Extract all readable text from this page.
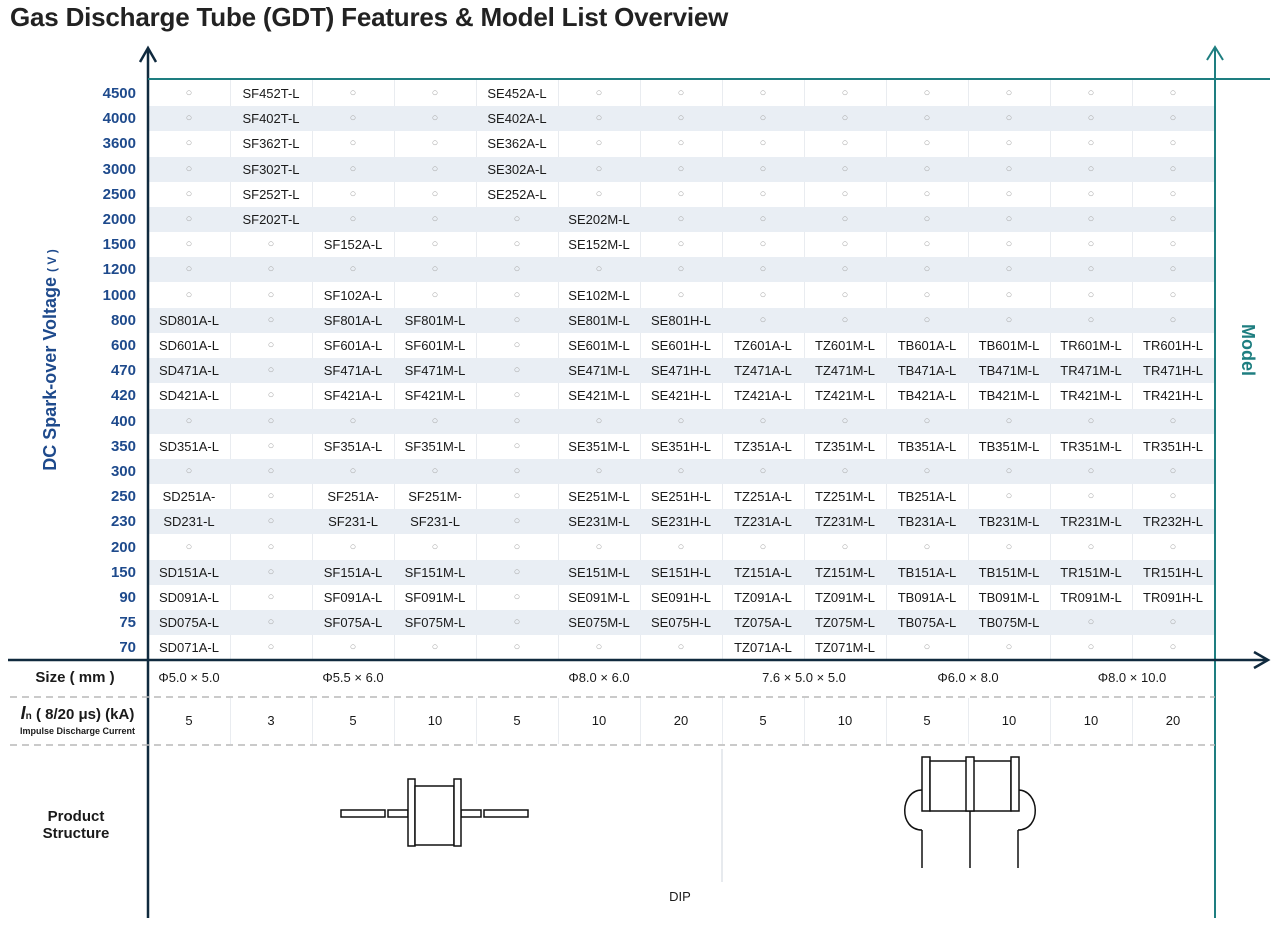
Gas Discharge Tube (GDT) Features & Model List Overview
4500	○	SF452T-L	○	○	SE452A-L	○	○	○	○	○	○	○	○
4000	○	SF402T-L	○	○	SE402A-L	○	○	○	○	○	○	○	○
3600	○	SF362T-L	○	○	SE362A-L	○	○	○	○	○	○	○	○
3000	○	SF302T-L	○	○	SE302A-L	○	○	○	○	○	○	○	○
2500	○	SF252T-L	○	○	SE252A-L	○	○	○	○	○	○	○	○
2000	○	SF202T-L	○	○	○	SE202M-L	○	○	○	○	○	○	○
1500	○	○	SF152A-L	○	○	SE152M-L	○	○	○	○	○	○	○
1200	○	○	○	○	○	○	○	○	○	○	○	○	○
1000	○	○	SF102A-L	○	○	SE102M-L	○	○	○	○	○	○	○
800	SD801A-L	○	SF801A-L	SF801M-L	○	SE801M-L	SE801H-L	○	○	○	○	○	○
600	SD601A-L	○	SF601A-L	SF601M-L	○	SE601M-L	SE601H-L	TZ601A-L	TZ601M-L	TB601A-L	TB601M-L	TR601M-L	TR601H-L
470	SD471A-L	○	SF471A-L	SF471M-L	○	SE471M-L	SE471H-L	TZ471A-L	TZ471M-L	TB471A-L	TB471M-L	TR471M-L	TR471H-L
420	SD421A-L	○	SF421A-L	SF421M-L	○	SE421M-L	SE421H-L	TZ421A-L	TZ421M-L	TB421A-L	TB421M-L	TR421M-L	TR421H-L
400	○	○	○	○	○	○	○	○	○	○	○	○	○
350	SD351A-L	○	SF351A-L	SF351M-L	○	SE351M-L	SE351H-L	TZ351A-L	TZ351M-L	TB351A-L	TB351M-L	TR351M-L	TR351H-L
300	○	○	○	○	○	○	○	○	○	○	○	○	○
250	SD251A-	○	SF251A-	SF251M-	○	SE251M-L	SE251H-L	TZ251A-L	TZ251M-L	TB251A-L	○	○	○
230	SD231-L	○	SF231-L	SF231-L	○	SE231M-L	SE231H-L	TZ231A-L	TZ231M-L	TB231A-L	TB231M-L	TR231M-L	TR232H-L
200	○	○	○	○	○	○	○	○	○	○	○	○	○
150	SD151A-L	○	SF151A-L	SF151M-L	○	SE151M-L	SE151H-L	TZ151A-L	TZ151M-L	TB151A-L	TB151M-L	TR151M-L	TR151H-L
90	SD091A-L	○	SF091A-L	SF091M-L	○	SE091M-L	SE091H-L	TZ091A-L	TZ091M-L	TB091A-L	TB091M-L	TR091M-L	TR091H-L
75	SD075A-L	○	SF075A-L	SF075M-L	○	SE075M-L	SE075H-L	TZ075A-L	TZ075M-L	TB075A-L	TB075M-L	○	○
70	SD071A-L	○	○	○	○	○	○	TZ071A-L	TZ071M-L	○	○	○	○
DC Spark-over Voltage ( V )
Model
Size ( mm )	Φ5.0 × 5.0	Φ5.5 × 6.0	Φ8.0 × 6.0	7.6 × 5.0 × 5.0	Φ6.0 × 8.0	Φ8.0 × 10.0
In ( 8/20 μs) (kA)
Impulse Discharge Current
5	3	5	10	5	10	20	5	10	5	10	10	20
Product
Structure
DIP
